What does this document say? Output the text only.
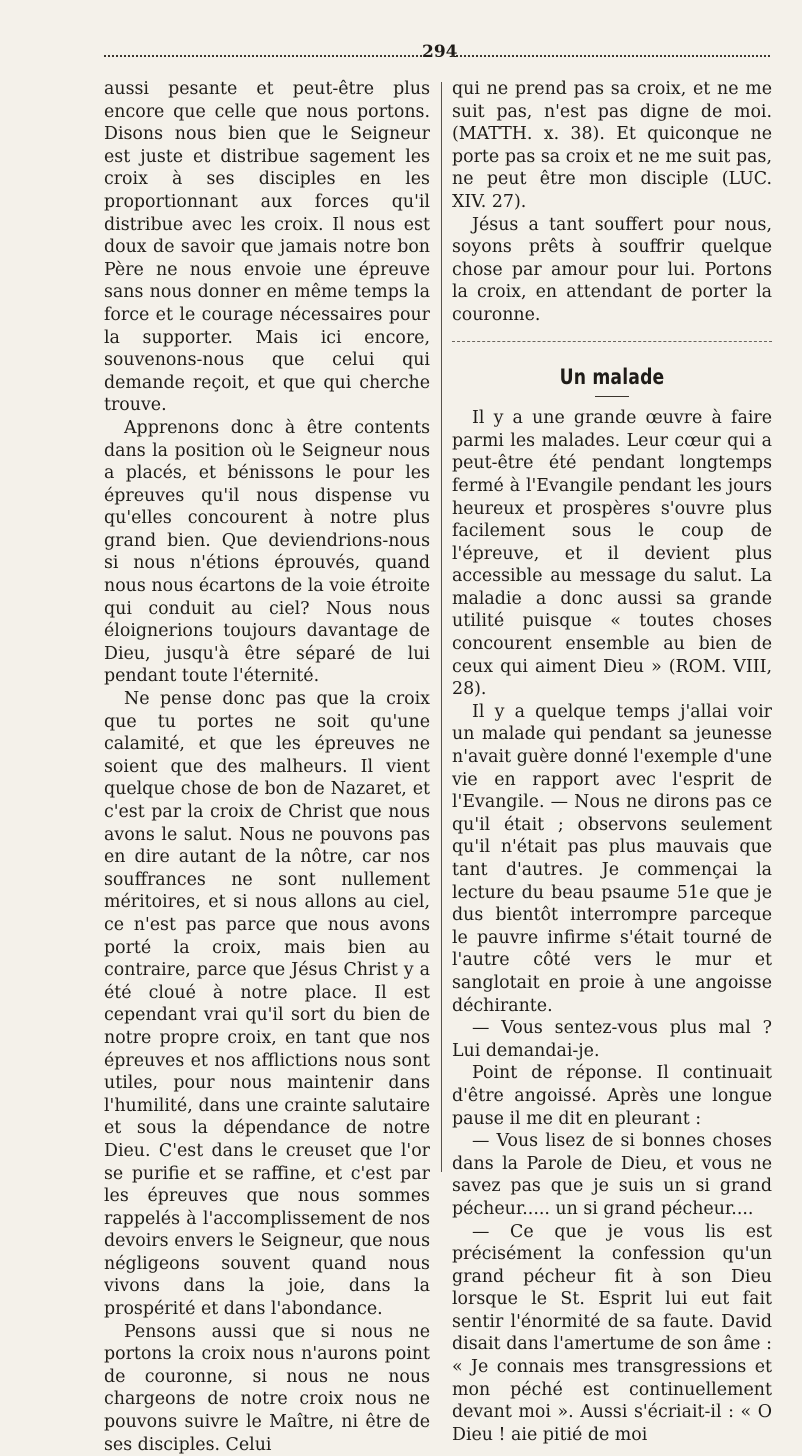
294

aussi pesante et peut-être plus encore que celle que nous portons. Disons nous bien que le Seigneur est juste et distribue sagement les croix à ses disciples en les proportionnant aux forces qu'il distribue avec les croix. Il nous est doux de savoir que jamais notre bon Père ne nous envoie une épreuve sans nous donner en même temps la force et le courage nécessaires pour la supporter. Mais ici encore, souvenons-nous que celui qui demande reçoit, et que qui cherche trouve.

Apprenons donc à être contents dans la position où le Seigneur nous a placés, et bénissons le pour les épreuves qu'il nous dispense vu qu'elles concourent à notre plus grand bien. Que deviendrions-nous si nous n'étions éprouvés, quand nous nous écartons de la voie étroite qui conduit au ciel? Nous nous éloignerions toujours davantage de Dieu, jusqu'à être séparé de lui pendant toute l'éternité.

Ne pense donc pas que la croix que tu portes ne soit qu'une calamité, et que les épreuves ne soient que des malheurs. Il vient quelque chose de bon de Nazaret, et c'est par la croix de Christ que nous avons le salut. Nous ne pouvons pas en dire autant de la nôtre, car nos souffrances ne sont nullement méritoires, et si nous allons au ciel, ce n'est pas parce que nous avons porté la croix, mais bien au contraire, parce que Jésus Christ y a été cloué à notre place. Il est cependant vrai qu'il sort du bien de notre propre croix, en tant que nos épreuves et nos afflictions nous sont utiles, pour nous maintenir dans l'humilité, dans une crainte salutaire et sous la dépendance de notre Dieu. C'est dans le creuset que l'or se purifie et se raffine, et c'est par les épreuves que nous sommes rappelés à l'accomplissement de nos devoirs envers le Seigneur, que nous négligeons souvent quand nous vivons dans la joie, dans la prospérité et dans l'abondance.

Pensons aussi que si nous ne portons la croix nous n'aurons point de couronne, si nous ne nous chargeons de notre croix nous ne pouvons suivre le Maître, ni être de ses disciples. Celui

qui ne prend pas sa croix, et ne me suit pas, n'est pas digne de moi. (MATTH. x. 38). Et quiconque ne porte pas sa croix et ne me suit pas, ne peut être mon disciple (LUC. XIV. 27).

Jésus a tant souffert pour nous, soyons prêts à souffrir quelque chose par amour pour lui. Portons la croix, en attendant de porter la couronne.

Un malade

Il y a une grande œuvre à faire parmi les malades. Leur cœur qui a peut-être été pendant longtemps fermé à l'Evangile pendant les jours heureux et prospères s'ouvre plus facilement sous le coup de l'épreuve, et il devient plus accessible au message du salut. La maladie a donc aussi sa grande utilité puisque « toutes choses concourent ensemble au bien de ceux qui aiment Dieu » (ROM. VIII, 28).

Il y a quelque temps j'allai voir un malade qui pendant sa jeunesse n'avait guère donné l'exemple d'une vie en rapport avec l'esprit de l'Evangile. — Nous ne dirons pas ce qu'il était ; observons seulement qu'il n'était pas plus mauvais que tant d'autres. Je commençai la lecture du beau psaume 51e que je dus bientôt interrompre parceque le pauvre infirme s'était tourné de l'autre côté vers le mur et sanglotait en proie à une angoisse déchirante.

— Vous sentez-vous plus mal ? Lui demandai-je.

Point de réponse. Il continuait d'être angoissé. Après une longue pause il me dit en pleurant :

— Vous lisez de si bonnes choses dans la Parole de Dieu, et vous ne savez pas que je suis un si grand pécheur..... un si grand pécheur....

— Ce que je vous lis est précisément la confession qu'un grand pécheur fit à son Dieu lorsque le St. Esprit lui eut fait sentir l'énormité de sa faute. David disait dans l'amertume de son âme : « Je connais mes transgressions et mon péché est continuellement devant moi ». Aussi s'écriait-il : « O Dieu ! aie pitié de moi
